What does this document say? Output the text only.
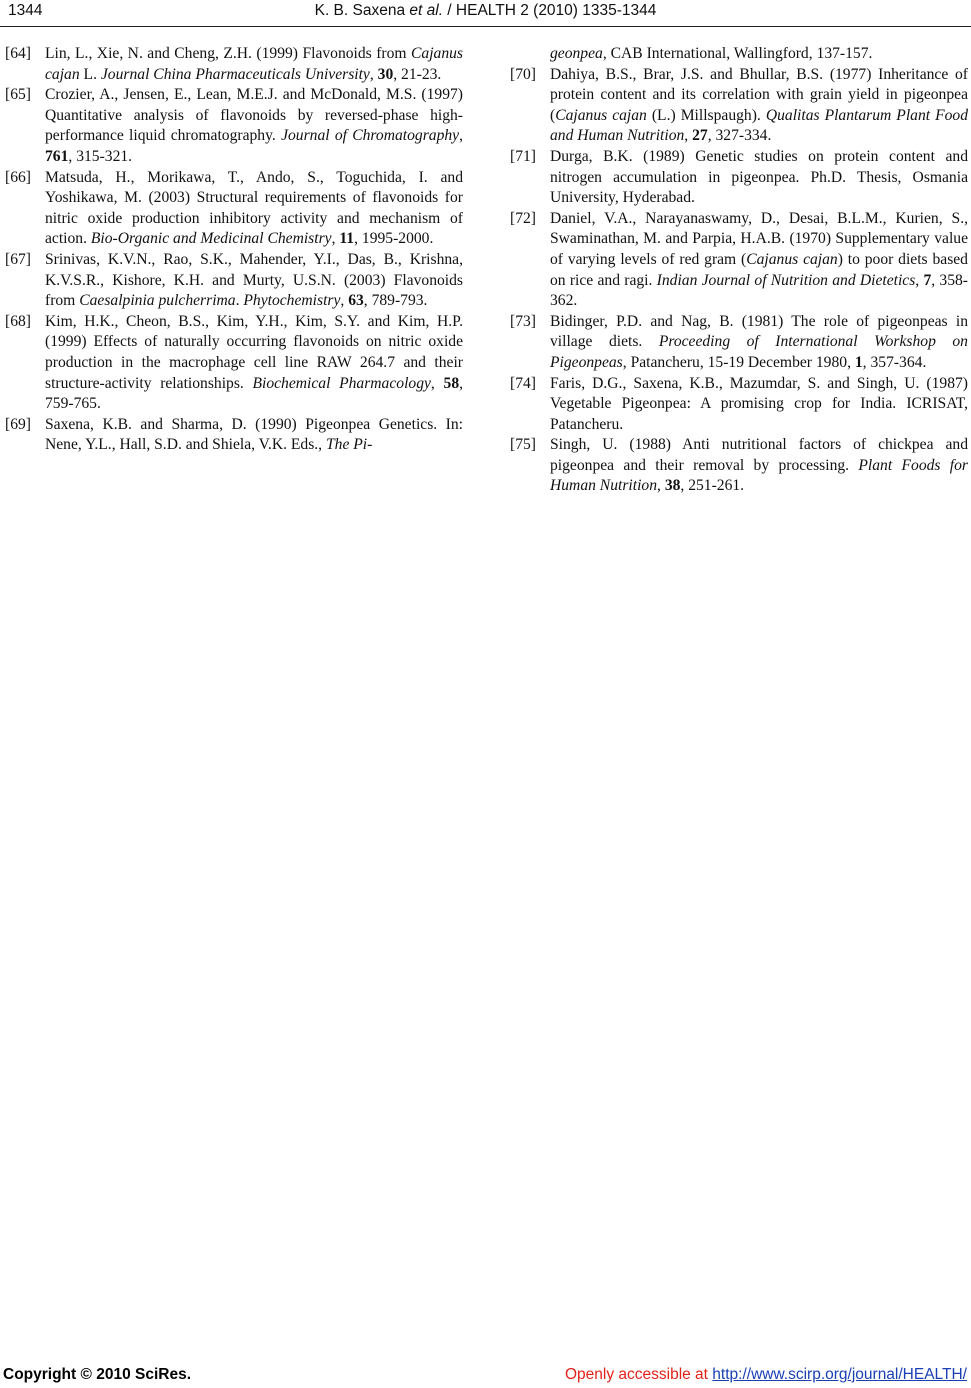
1344	K. B. Saxena et al. / HEALTH 2 (2010) 1335-1344
[64] Lin, L., Xie, N. and Cheng, Z.H. (1999) Flavonoids from Cajanus cajan L. Journal China Pharmaceuticals University, 30, 21-23.
[65] Crozier, A., Jensen, E., Lean, M.E.J. and McDonald, M.S. (1997) Quantitative analysis of flavonoids by reversed-phase high-performance liquid chromatography. Journal of Chromatography, 761, 315-321.
[66] Matsuda, H., Morikawa, T., Ando, S., Toguchida, I. and Yoshikawa, M. (2003) Structural requirements of flavonoids for nitric oxide production inhibitory activity and mechanism of action. Bio-Organic and Medicinal Chemistry, 11, 1995-2000.
[67] Srinivas, K.V.N., Rao, S.K., Mahender, Y.I., Das, B., Krishna, K.V.S.R., Kishore, K.H. and Murty, U.S.N. (2003) Flavonoids from Caesalpinia pulcherrima. Phytochemistry, 63, 789-793.
[68] Kim, H.K., Cheon, B.S., Kim, Y.H., Kim, S.Y. and Kim, H.P. (1999) Effects of naturally occurring flavonoids on nitric oxide production in the macrophage cell line RAW 264.7 and their structure-activity relationships. Biochemical Pharmacology, 58, 759-765.
[69] Saxena, K.B. and Sharma, D. (1990) Pigeonpea Genetics. In: Nene, Y.L., Hall, S.D. and Shiela, V.K. Eds., The Pi-
geonpea, CAB International, Wallingford, 137-157.
[70] Dahiya, B.S., Brar, J.S. and Bhullar, B.S. (1977) Inheritance of protein content and its correlation with grain yield in pigeonpea (Cajanus cajan (L.) Millspaugh). Qualitas Plantarum Plant Food and Human Nutrition, 27, 327-334.
[71] Durga, B.K. (1989) Genetic studies on protein content and nitrogen accumulation in pigeonpea. Ph.D. Thesis, Osmania University, Hyderabad.
[72] Daniel, V.A., Narayanaswamy, D., Desai, B.L.M., Kurien, S., Swaminathan, M. and Parpia, H.A.B. (1970) Supplementary value of varying levels of red gram (Cajanus cajan) to poor diets based on rice and ragi. Indian Journal of Nutrition and Dietetics, 7, 358-362.
[73] Bidinger, P.D. and Nag, B. (1981) The role of pigeonpeas in village diets. Proceeding of International Workshop on Pigeonpeas, Patancheru, 15-19 December 1980, 1, 357-364.
[74] Faris, D.G., Saxena, K.B., Mazumdar, S. and Singh, U. (1987) Vegetable Pigeonpea: A promising crop for India. ICRISAT, Patancheru.
[75] Singh, U. (1988) Anti nutritional factors of chickpea and pigeonpea and their removal by processing. Plant Foods for Human Nutrition, 38, 251-261.
Copyright © 2010 SciRes.	Openly accessible at http://www.scirp.org/journal/HEALTH/
